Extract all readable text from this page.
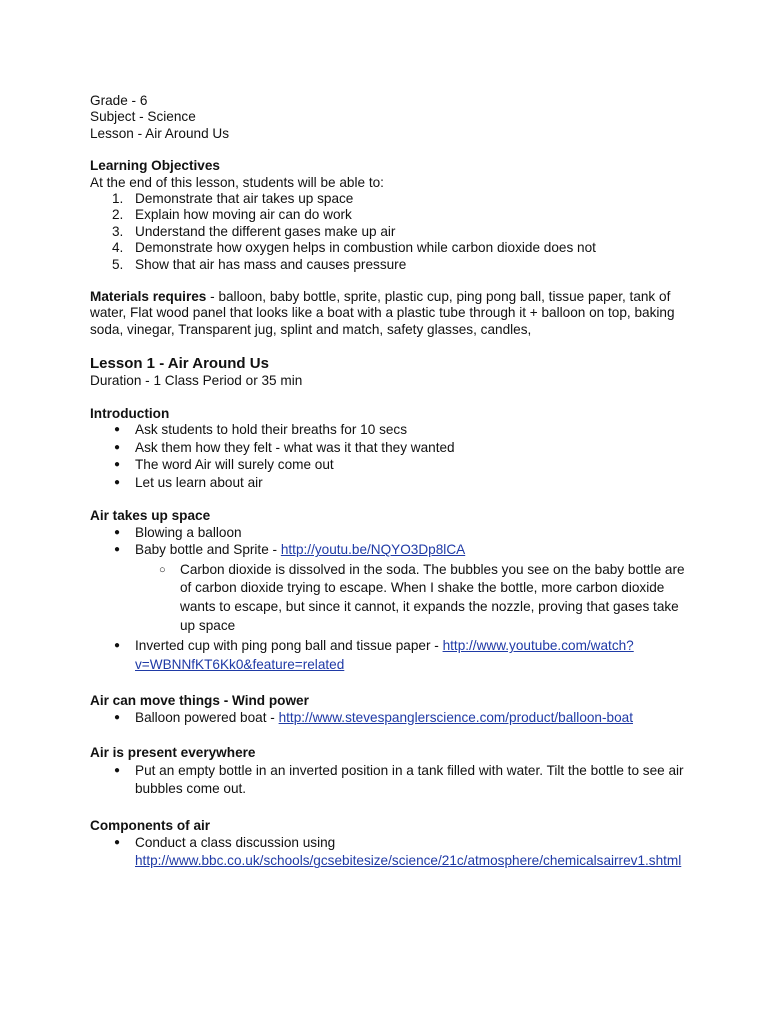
Grade - 6

Subject - Science

Lesson - Air Around Us

Learning Objectives

At the end of this lesson, students will be able to:

1. Demonstrate that air takes up space
2. Explain how moving air can do work
3. Understand the different gases make up air
4. Demonstrate how oxygen helps in combustion while carbon dioxide does not
5. Show that air has mass and causes pressure

Materials requires - balloon, baby bottle, sprite, plastic cup, ping pong ball, tissue paper, tank of water, Flat wood panel that looks like a boat with a plastic tube through it + balloon on top, baking soda, vinegar, Transparent jug, splint and match, safety glasses, candles,

Lesson 1 - Air Around Us

Duration - 1 Class Period or 35 min

Introduction

● Ask students to hold their breaths for 10 secs
● Ask them how they felt - what was it that they wanted
● The word Air will surely come out
● Let us learn about air

Air takes up space

● Blowing a balloon
● Baby bottle and Sprite - http://youtu.be/NQYO3Dp8lCA
○ Carbon dioxide is dissolved in the soda. The bubbles you see on the baby bottle are of carbon dioxide trying to escape. When I shake the bottle, more carbon dioxide wants to escape, but since it cannot, it expands the nozzle, proving that gases take up space
● Inverted cup with ping pong ball and tissue paper - http://www.youtube.com/watch?v=WBNNfKT6Kk0&feature=related

Air can move things - Wind power

● Balloon powered boat - http://www.stevespanglerscience.com/product/balloon-boat

Air is present everywhere

● Put an empty bottle in an inverted position in a tank filled with water. Tilt the bottle to see air bubbles come out.

Components of air

● Conduct a class discussion using
http://www.bbc.co.uk/schools/gcsebitesize/science/21c/atmosphere/chemicalsairrev1.shtml
